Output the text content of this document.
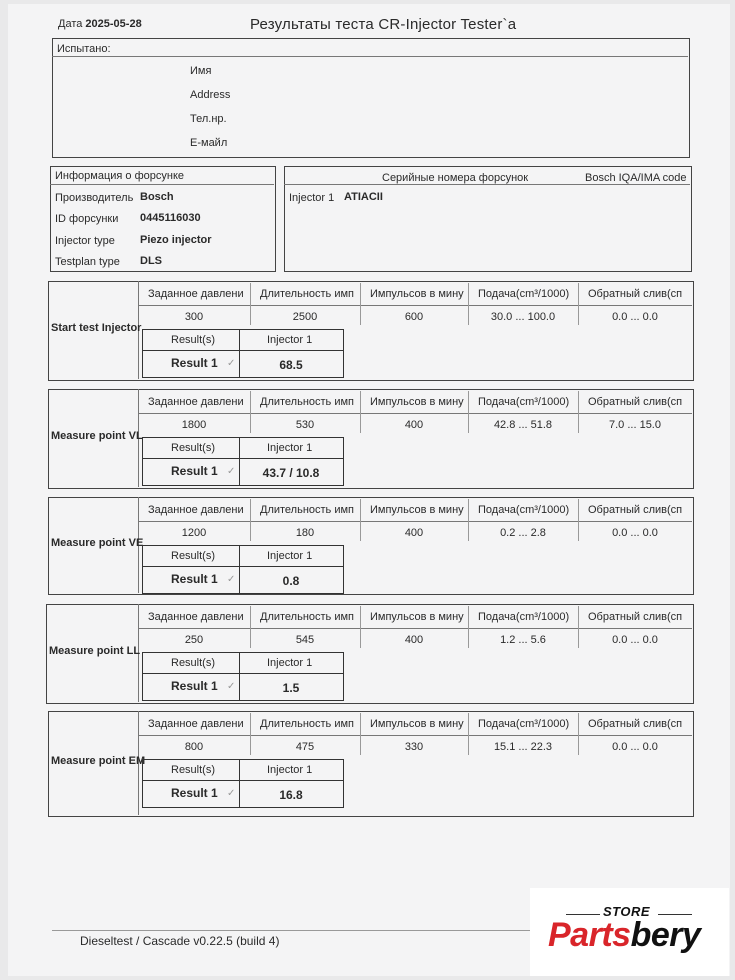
Дата 2025-05-28	Результаты теста CR-Injector Tester`a
Испытано:
Имя
Address
Тел.нр.
E-майл
Информация о форсунке
Производитель Bosch
ID форсунки 0445116030
Injector type Piezo injector
Testplan type DLS
Серийные номера форсунок	Bosch IQA/IMA code
Injector 1 ATIACII
Заданное давлени	Длительность имп	Импульсов в мину Подача(cm³/1000)	Обратный слив(cп
300	2500	600	30.0 ... 100.0	0.0 ... 0.0
Start test Injector
Result(s)	Injector 1
Result 1 ✓	68.5
Заданное давлени	Длительность имп	Импульсов в мину Подача(cm³/1000)	Обратный слив(cп
1800	530	400	42.8 ... 51.8	7.0 ... 15.0
Measure point VL
Result(s)	Injector 1
Result 1 ✓	43.7 / 10.8
Заданное давлени	Длительность имп	Импульсов в мину Подача(cm³/1000)	Обратный слив(cп
1200	180	400	0.2 ... 2.8	0.0 ... 0.0
Measure point VE
Result(s)	Injector 1
Result 1 ✓	0.8
Заданное давлени	Длительность имп	Импульсов в мину Подача(cm³/1000)	Обратный слив(cп
250	545	400	1.2 ... 5.6	0.0 ... 0.0
Measure point LL
Result(s)	Injector 1
Result 1 ✓	1.5
Заданное давлени	Длительность имп	Импульсов в мину Подача(cm³/1000)	Обратный слив(cп
800	475	330	15.1 ... 22.3	0.0 ... 0.0
Measure point EM
Result(s)	Injector 1
Result 1 ✓	16.8
Dieseltest / Cascade v0.22.5 (build 4)
STORE
Partsbery
